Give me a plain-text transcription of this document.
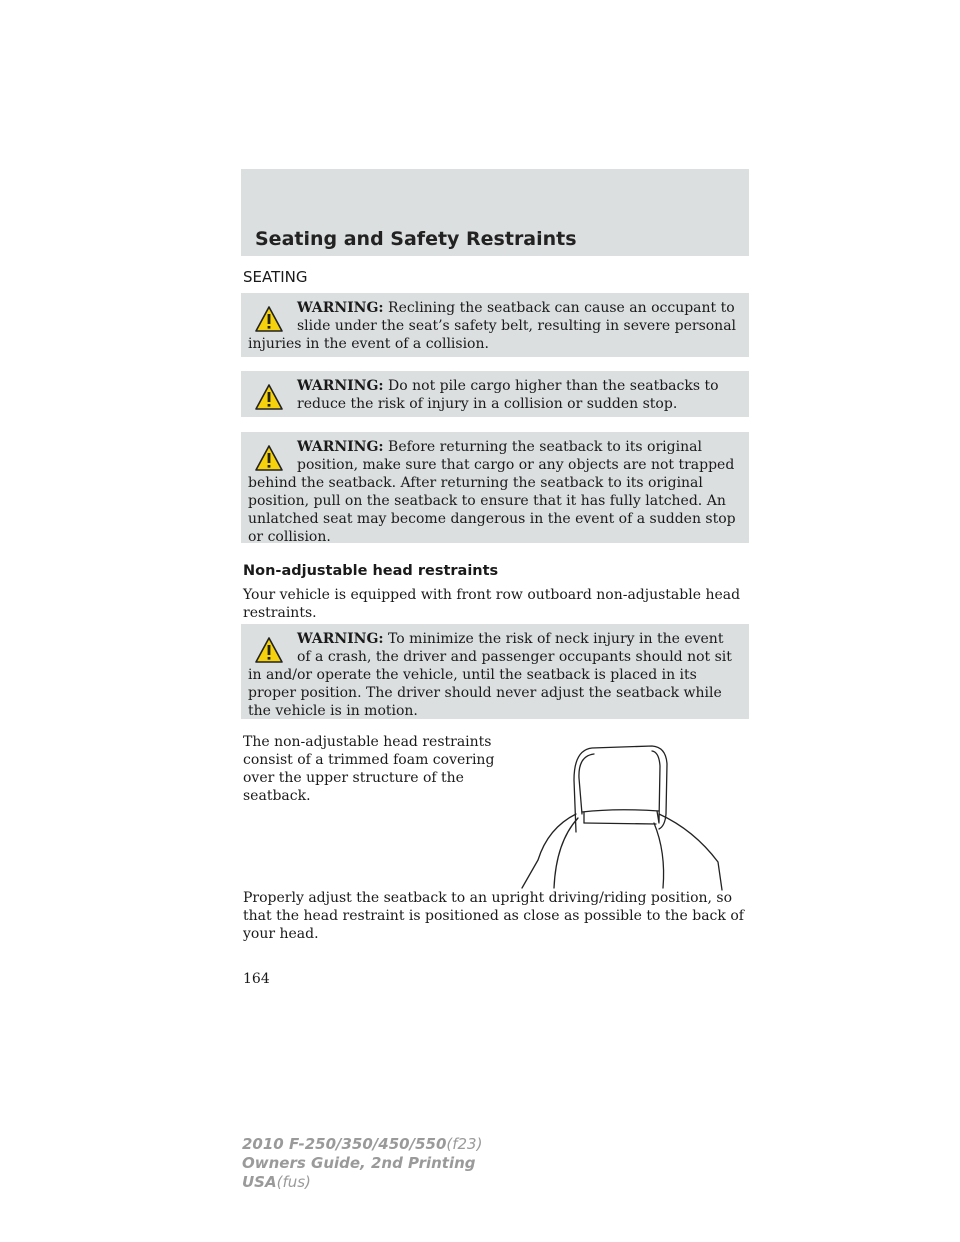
Seating and Safety Restraints
SEATING
WARNING: Reclining the seatback can cause an occupant to slide under the seat’s safety belt, resulting in severe personal injuries in the event of a collision.
WARNING: Do not pile cargo higher than the seatbacks to reduce the risk of injury in a collision or sudden stop.
WARNING: Before returning the seatback to its original position, make sure that cargo or any objects are not trapped behind the seatback. After returning the seatback to its original position, pull on the seatback to ensure that it has fully latched. An unlatched seat may become dangerous in the event of a sudden stop or collision.
Non-adjustable head restraints
Your vehicle is equipped with front row outboard non-adjustable head restraints.
WARNING: To minimize the risk of neck injury in the event of a crash, the driver and passenger occupants should not sit in and/or operate the vehicle, until the seatback is placed in its proper position. The driver should never adjust the seatback while the vehicle is in motion.
The non-adjustable head restraints consist of a trimmed foam covering over the upper structure of the seatback.
Properly adjust the seatback to an upright driving/riding position, so that the head restraint is positioned as close as possible to the back of your head.
164
2010 F-250/350/450/550(f23)
Owners Guide, 2nd Printing
USA(fus)
